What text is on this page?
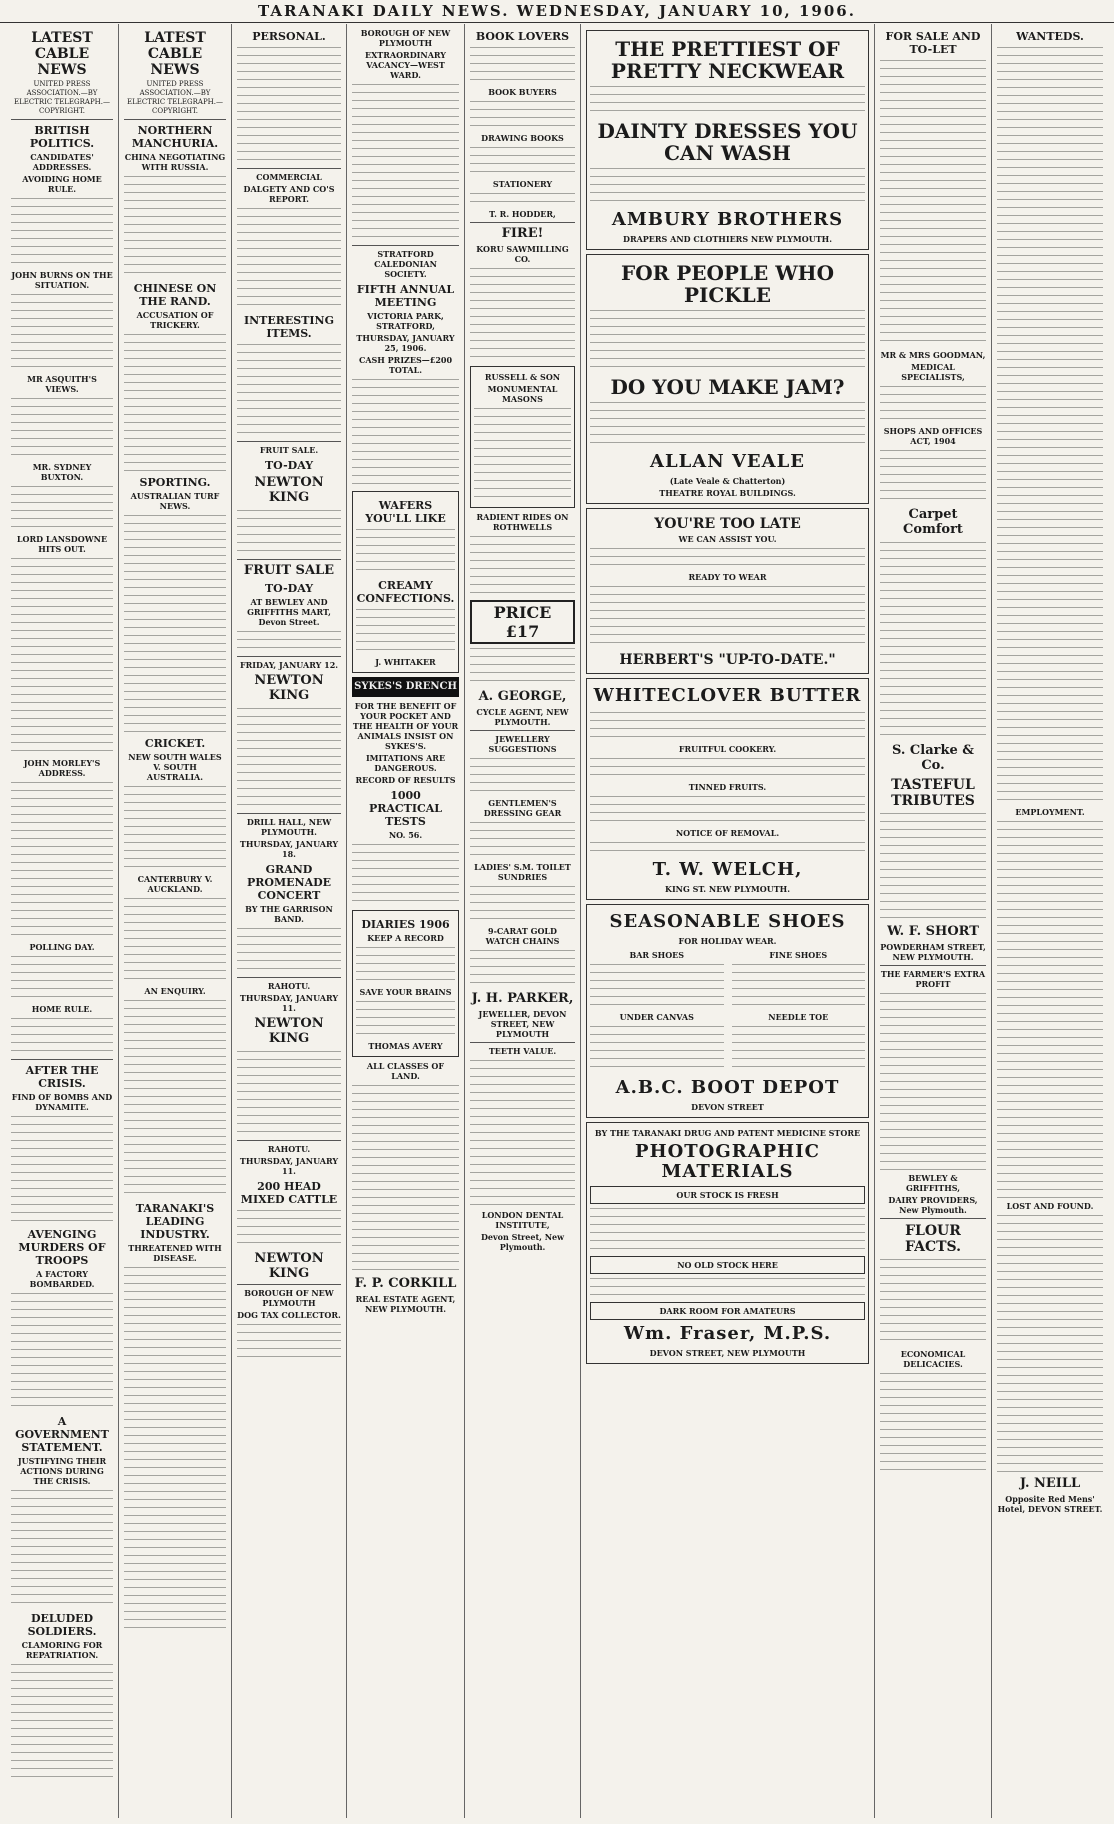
TARANAKI DAILY NEWS. WEDNESDAY, JANUARY 10, 1906.
LATEST CABLE NEWS
UNITED PRESS ASSOCIATION.—BY ELECTRIC TELEGRAPH.—COPYRIGHT.
BRITISH POLITICS.
CANDIDATES' ADDRESSES.
AVOIDING HOME RULE.
JOHN BURNS ON THE SITUATION.
MR ASQUITH'S VIEWS.
MR. SYDNEY BUXTON.
LORD LANSDOWNE HITS OUT.
JOHN MORLEY'S ADDRESS.
POLLING DAY.
HOME RULE.
AFTER THE CRISIS.
FIND OF BOMBS AND DYNAMITE.
AVENGING MURDERS OF TROOPS
A FACTORY BOMBARDED.
A GOVERNMENT STATEMENT.
JUSTIFYING THEIR ACTIONS DURING THE CRISIS.
DELUDED SOLDIERS.
CLAMORING FOR REPATRIATION.
LATEST CABLE NEWS
UNITED PRESS ASSOCIATION.—BY ELECTRIC TELEGRAPH.—COPYRIGHT.
NORTHERN MANCHURIA.
CHINA NEGOTIATING WITH RUSSIA.
CHINESE ON THE RAND.
ACCUSATION OF TRICKERY.
SPORTING.
AUSTRALIAN TURF NEWS.
CRICKET.
NEW SOUTH WALES V. SOUTH AUSTRALIA.
CANTERBURY V. AUCKLAND.
AN ENQUIRY.
TARANAKI'S LEADING INDUSTRY.
THREATENED WITH DISEASE.
PERSONAL.
COMMERCIAL
DALGETY AND CO'S REPORT.
INTERESTING ITEMS.
FRUIT SALE.
TO-DAY
NEWTON KING
FRUIT SALE
TO-DAY
AT BEWLEY AND GRIFFITHS MART, Devon Street.
FRIDAY, JANUARY 12.
NEWTON KING
DRILL HALL, NEW PLYMOUTH.
THURSDAY, JANUARY 18.
GRAND PROMENADE CONCERT
BY THE GARRISON BAND.
RAHOTU.
THURSDAY, JANUARY 11.
NEWTON KING
RAHOTU.
THURSDAY, JANUARY 11.
200 HEAD MIXED CATTLE
NEWTON KING
BOROUGH OF NEW PLYMOUTH
DOG TAX COLLECTOR.
BOROUGH OF NEW PLYMOUTH
EXTRAORDINARY VACANCY—WEST WARD.
STRATFORD CALEDONIAN SOCIETY.
FIFTH ANNUAL MEETING
VICTORIA PARK, STRATFORD,
THURSDAY, JANUARY 25, 1906.
CASH PRIZES—£200 TOTAL.
WAFERS YOU'LL LIKE
CREAMY CONFECTIONS.
J. WHITAKER
SYKES'S DRENCH
FOR THE BENEFIT OF YOUR POCKET AND THE HEALTH OF YOUR ANIMALS INSIST ON SYKES'S.
IMITATIONS ARE DANGEROUS.
RECORD OF RESULTS
1000 PRACTICAL TESTS
NO. 56.
DIARIES 1906
KEEP A RECORD
SAVE YOUR BRAINS
THOMAS AVERY
ALL CLASSES OF LAND.
F. P. CORKILL
REAL ESTATE AGENT, NEW PLYMOUTH.
BOOK LOVERS
BOOK BUYERS
DRAWING BOOKS
STATIONERY
T. R. HODDER,
FIRE!
KORU SAWMILLING CO.
RUSSELL & SON
MONUMENTAL MASONS
RADIENT RIDES ON ROTHWELLS
PRICE £17
A. GEORGE,
CYCLE AGENT, NEW PLYMOUTH.
JEWELLERY SUGGESTIONS
GENTLEMEN'S DRESSING GEAR
LADIES' S.M. TOILET SUNDRIES
9-CARAT GOLD WATCH CHAINS
J. H. PARKER,
JEWELLER, DEVON STREET, NEW PLYMOUTH
TEETH VALUE.
LONDON DENTAL INSTITUTE,
Devon Street, New Plymouth.
THE PRETTIEST OF PRETTY NECKWEAR
DAINTY DRESSES YOU CAN WASH
AMBURY BROTHERS
DRAPERS AND CLOTHIERS NEW PLYMOUTH.
FOR PEOPLE WHO PICKLE
DO YOU MAKE JAM?
ALLAN VEALE
(Late Veale & Chatterton)
THEATRE ROYAL BUILDINGS.
YOU'RE TOO LATE
WE CAN ASSIST YOU.
READY TO WEAR
HERBERT'S "UP-TO-DATE."
WHITECLOVER BUTTER
FRUITFUL COOKERY.
TINNED FRUITS.
NOTICE OF REMOVAL.
T. W. WELCH,
KING ST. NEW PLYMOUTH.
SEASONABLE SHOES
FOR HOLIDAY WEAR.
BAR SHOES
UNDER CANVAS
FINE SHOES
NEEDLE TOE
A.B.C. BOOT DEPOT
DEVON STREET
BY THE TARANAKI DRUG AND PATENT MEDICINE STORE
PHOTOGRAPHIC MATERIALS
OUR STOCK IS FRESH
NO OLD STOCK HERE
DARK ROOM FOR AMATEURS
Wm. Fraser, M.P.S.
DEVON STREET, NEW PLYMOUTH
FOR SALE AND TO-LET
MR & MRS GOODMAN,
MEDICAL SPECIALISTS,
SHOPS AND OFFICES ACT, 1904
Carpet Comfort
S. Clarke & Co.
TASTEFUL TRIBUTES
W. F. SHORT
POWDERHAM STREET, NEW PLYMOUTH.
THE FARMER'S EXTRA PROFIT
BEWLEY & GRIFFITHS,
DAIRY PROVIDERS, New Plymouth.
FLOUR FACTS.
ECONOMICAL DELICACIES.
WANTEDS.
EMPLOYMENT.
LOST AND FOUND.
J. NEILL
Opposite Red Mens' Hotel, DEVON STREET.
